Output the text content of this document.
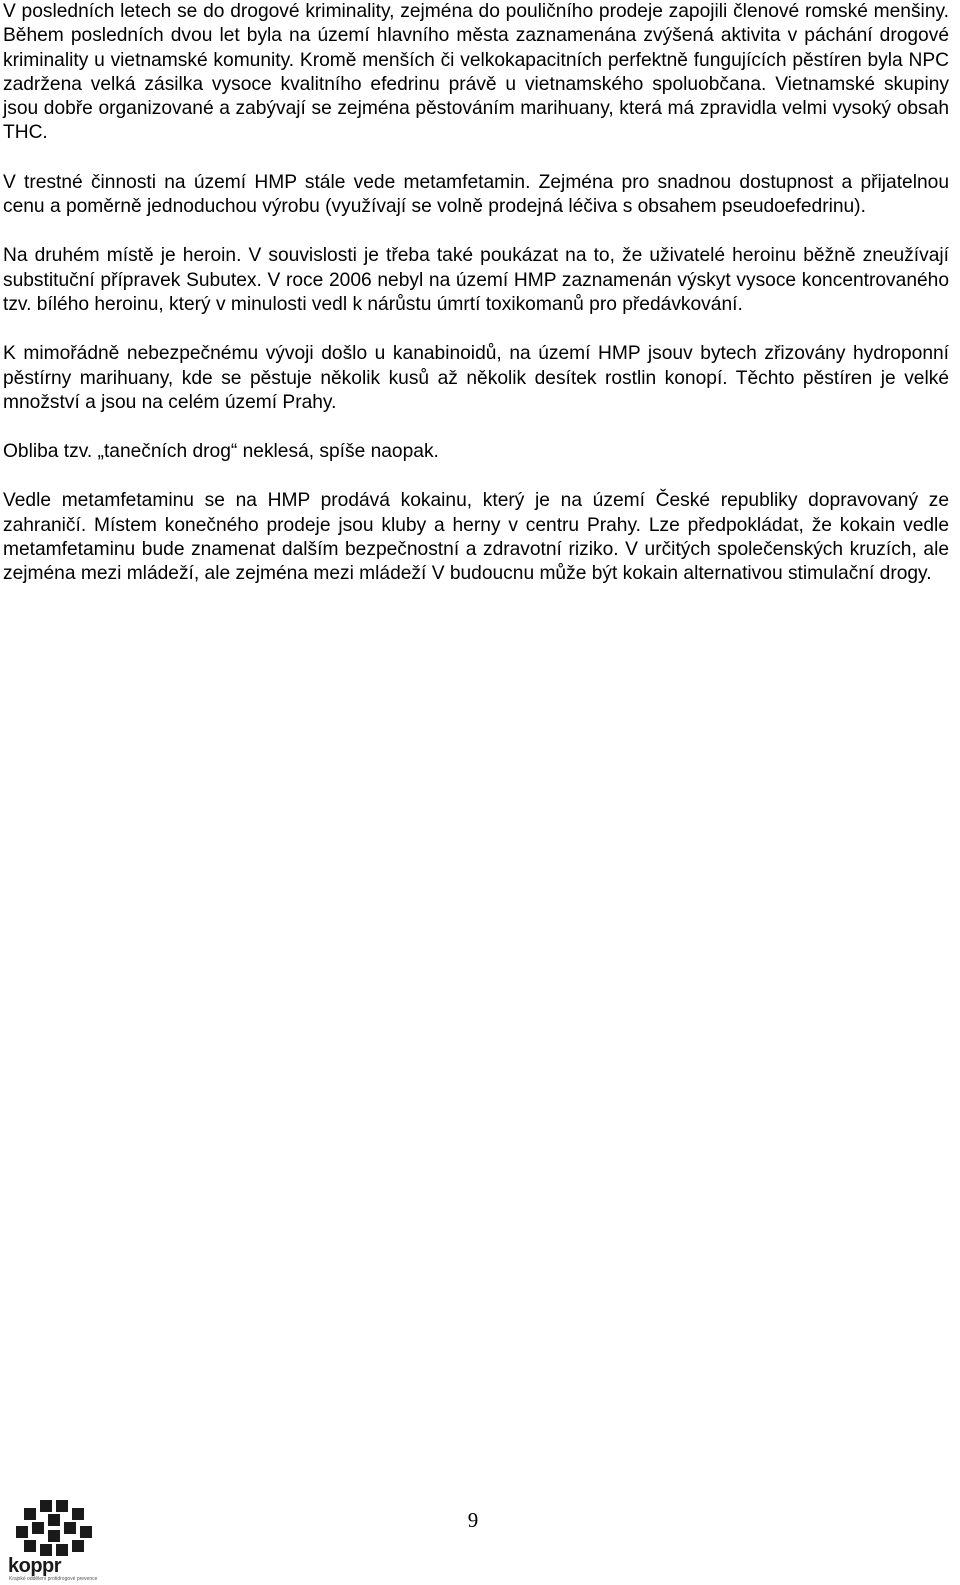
V posledních letech se do drogové kriminality, zejména do pouličního prodeje zapojili členové romské menšiny. Během posledních dvou let byla na území hlavního města zaznamenána zvýšená aktivita v páchání drogové kriminality u vietnamské komunity. Kromě menších či velkokapacitních perfektně fungujících pěstíren byla NPC zadržena velká zásilka vysoce kvalitního efedrinu právě u vietnamského spoluobčana. Vietnamské skupiny jsou dobře organizované a zabývají se zejména pěstováním marihuany, která má zpravidla velmi vysoký obsah THC.

V trestné činnosti na území HMP stále vede metamfetamin. Zejména pro snadnou dostupnost a přijatelnou cenu a poměrně jednoduchou výrobu (využívají se volně prodejná léčiva s obsahem pseudoefedrinu).

Na druhém místě je heroin. V souvislosti je třeba také poukázat na to, že uživatelé heroinu běžně zneužívají substituční přípravek Subutex. V roce 2006 nebyl na území HMP zaznamenán výskyt vysoce koncentrovaného tzv. bílého heroinu, který v minulosti vedl k nárůstu úmrtí toxikomanů pro předávkování.

K mimořádně nebezpečnému vývoji došlo u kanabinoidů, na území HMP jsouv bytech zřizovány hydroponní pěstírny marihuany, kde se pěstuje několik kusů až několik desítek rostlin konopí. Těchto pěstíren je velké množství a jsou na celém území Prahy.

Obliba tzv. „tanečních drog“ neklesá, spíše naopak.

Vedle metamfetaminu se na HMP prodává kokainu, který je na území České republiky dopravovaný ze zahraničí. Místem konečného prodeje jsou kluby a herny v centru Prahy. Lze předpokládat, že kokain vedle metamfetaminu bude znamenat dalším bezpečnostní a zdravotní riziko. V určitých společenských kruzích, ale zejména mezi mládeží, ale zejména mezi mládeží V budoucnu může být kokain alternativou stimulační drogy.

koppr
Krajské oddělení protidrogové prevence
9
